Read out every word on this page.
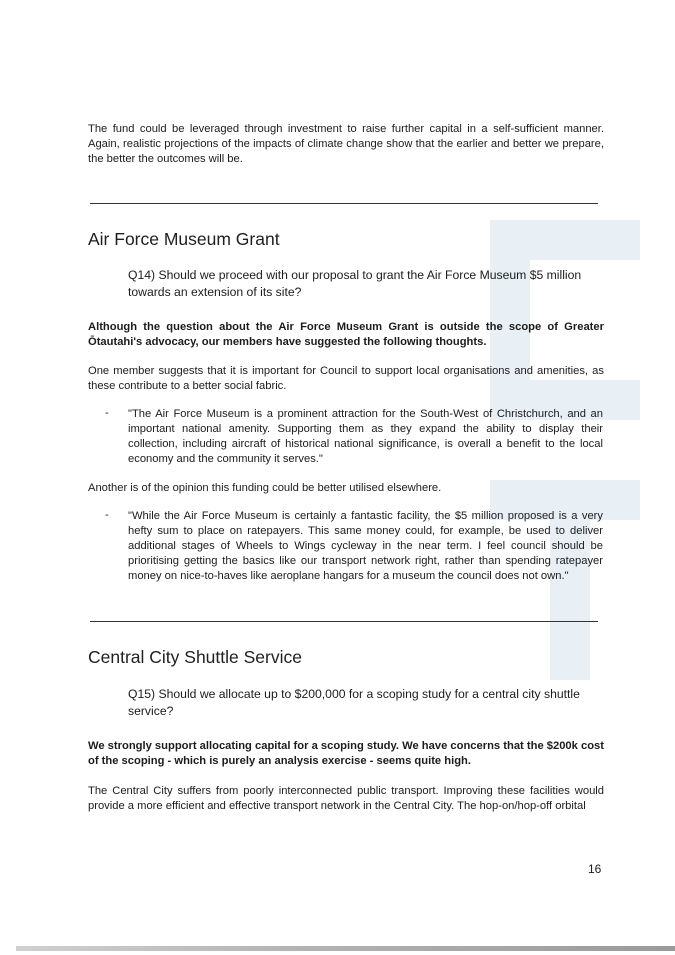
The fund could be leveraged through investment to raise further capital in a self-sufficient manner. Again, realistic projections of the impacts of climate change show that the earlier and better we prepare, the better the outcomes will be.

Air Force Museum Grant

Q14) Should we proceed with our proposal to grant the Air Force Museum $5 million towards an extension of its site?

Although the question about the Air Force Museum Grant is outside the scope of Greater Ōtautahi's advocacy, our members have suggested the following thoughts.

One member suggests that it is important for Council to support local organisations and amenities, as these contribute to a better social fabric.

- "The Air Force Museum is a prominent attraction for the South-West of Christchurch, and an important national amenity. Supporting them as they expand the ability to display their collection, including aircraft of historical national significance, is overall a benefit to the local economy and the community it serves."

Another is of the opinion this funding could be better utilised elsewhere.

- "While the Air Force Museum is certainly a fantastic facility, the $5 million proposed is a very hefty sum to place on ratepayers. This same money could, for example, be used to deliver additional stages of Wheels to Wings cycleway in the near term. I feel council should be prioritising getting the basics like our transport network right, rather than spending ratepayer money on nice-to-haves like aeroplane hangars for a museum the council does not own."

Central City Shuttle Service

Q15) Should we allocate up to $200,000 for a scoping study for a central city shuttle service?

We strongly support allocating capital for a scoping study. We have concerns that the $200k cost of the scoping - which is purely an analysis exercise - seems quite high.

The Central City suffers from poorly interconnected public transport. Improving these facilities would provide a more efficient and effective transport network in the Central City. The hop-on/hop-off orbital

16
